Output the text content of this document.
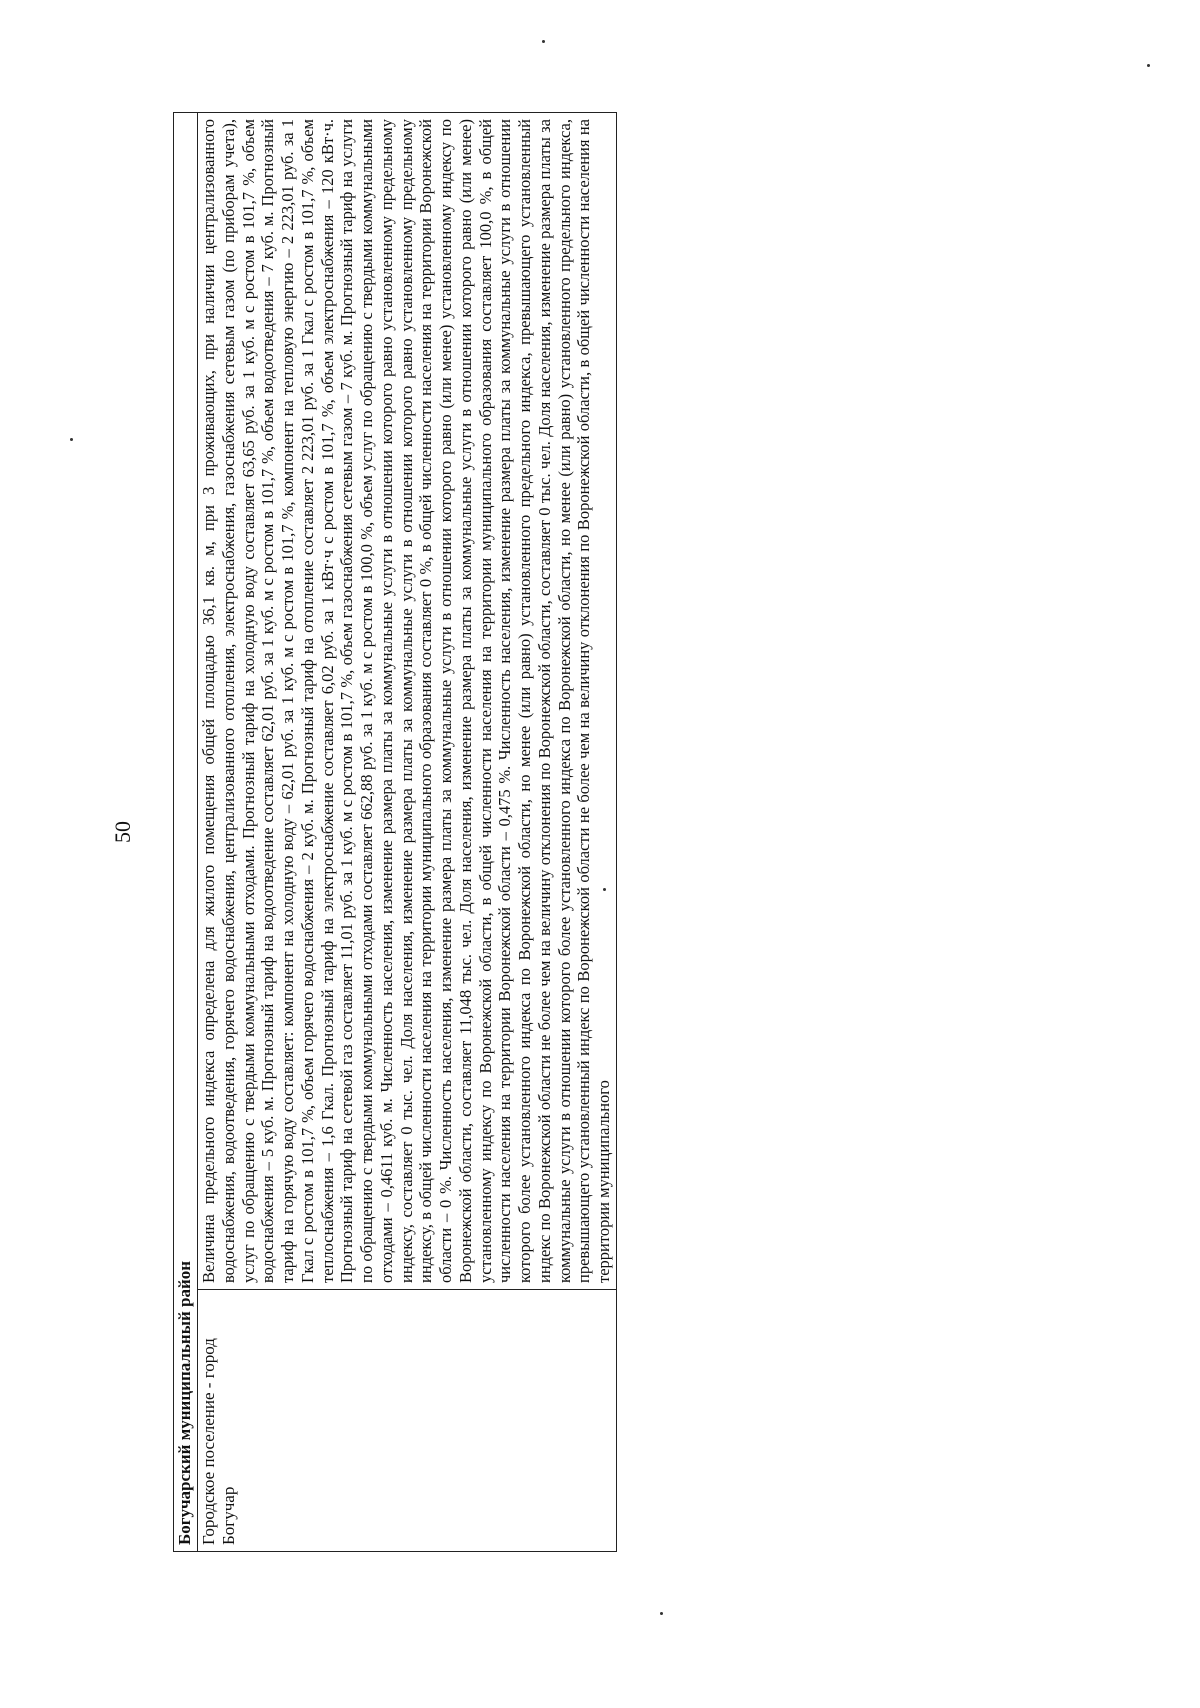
50
Богучарский муниципальный район
Городское поселение - город Богучар	Величина предельного индекса определена для жилого помещения общей площадью 36,1 кв. м, при 3 проживающих, при наличии централизованного водоснабжения, водоотведения, горячего водоснабжения, централизованного отопления, электроснабжения, газоснабжения сетевым газом (по приборам учета), услуг по обращению с твердыми коммунальными отходами. Прогнозный тариф на холодную воду составляет 63,65 руб. за 1 куб. м с ростом в 101,7 %, объем водоснабжения – 5 куб. м. Прогнозный тариф на водоотведение составляет 62,01 руб. за 1 куб. м с ростом в 101,7 %, объем водоотведения – 7 куб. м. Прогнозный тариф на горячую воду составляет: компонент на холодную воду – 62,01 руб. за 1 куб. м с ростом в 101,7 %, компонент на тепловую энергию – 2 223,01 руб. за 1 Гкал с ростом в 101,7 %, объем горячего водоснабжения – 2 куб. м. Прогнозный тариф на отопление составляет 2 223,01 руб. за 1 Гкал с ростом в 101,7 %, объем теплоснабжения – 1,6 Гкал. Прогнозный тариф на электроснабжение составляет 6,02 руб. за 1 кВт·ч с ростом в 101,7 %, объем электроснабжения – 120 кВт·ч. Прогнозный тариф на сетевой газ составляет 11,01 руб. за 1 куб. м с ростом в 101,7 %, объем газоснабжения сетевым газом – 7 куб. м. Прогнозный тариф на услуги по обращению с твердыми коммунальными отходами составляет 662,88 руб. за 1 куб. м с ростом в 100,0 %, объем услуг по обращению с твердыми коммунальными отходами – 0,4611 куб. м. Численность населения, изменение размера платы за коммунальные услуги в отношении которого равно установленному предельному индексу, составляет 0 тыс. чел. Доля населения, изменение размера платы за коммунальные услуги в отношении которого равно установленному предельному индексу, в общей численности населения на территории муниципального образования составляет 0 %, в общей численности населения на территории Воронежской области – 0 %. Численность населения, изменение размера платы за коммунальные услуги в отношении которого равно (или менее) установленному индексу по Воронежской области, составляет 11,048 тыс. чел. Доля населения, изменение размера платы за коммунальные услуги в отношении которого равно (или менее) установленному индексу по Воронежской области, в общей численности населения на территории муниципального образования составляет 100,0 %, в общей численности населения на территории Воронежской области – 0,475 %. Численность населения, изменение размера платы за коммунальные услуги в отношении которого более установленного индекса по Воронежской области, но менее (или равно) установленного предельного индекса, превышающего установленный индекс по Воронежской области не более чем на величину отклонения по Воронежской области, составляет 0 тыс. чел. Доля населения, изменение размера платы за коммунальные услуги в отношении которого более установленного индекса по Воронежской области, но менее (или равно) установленного предельного индекса, превышающего установленный индекс по Воронежской области не более чем на величину отклонения по Воронежской области, в общей численности населения на территории муниципального
